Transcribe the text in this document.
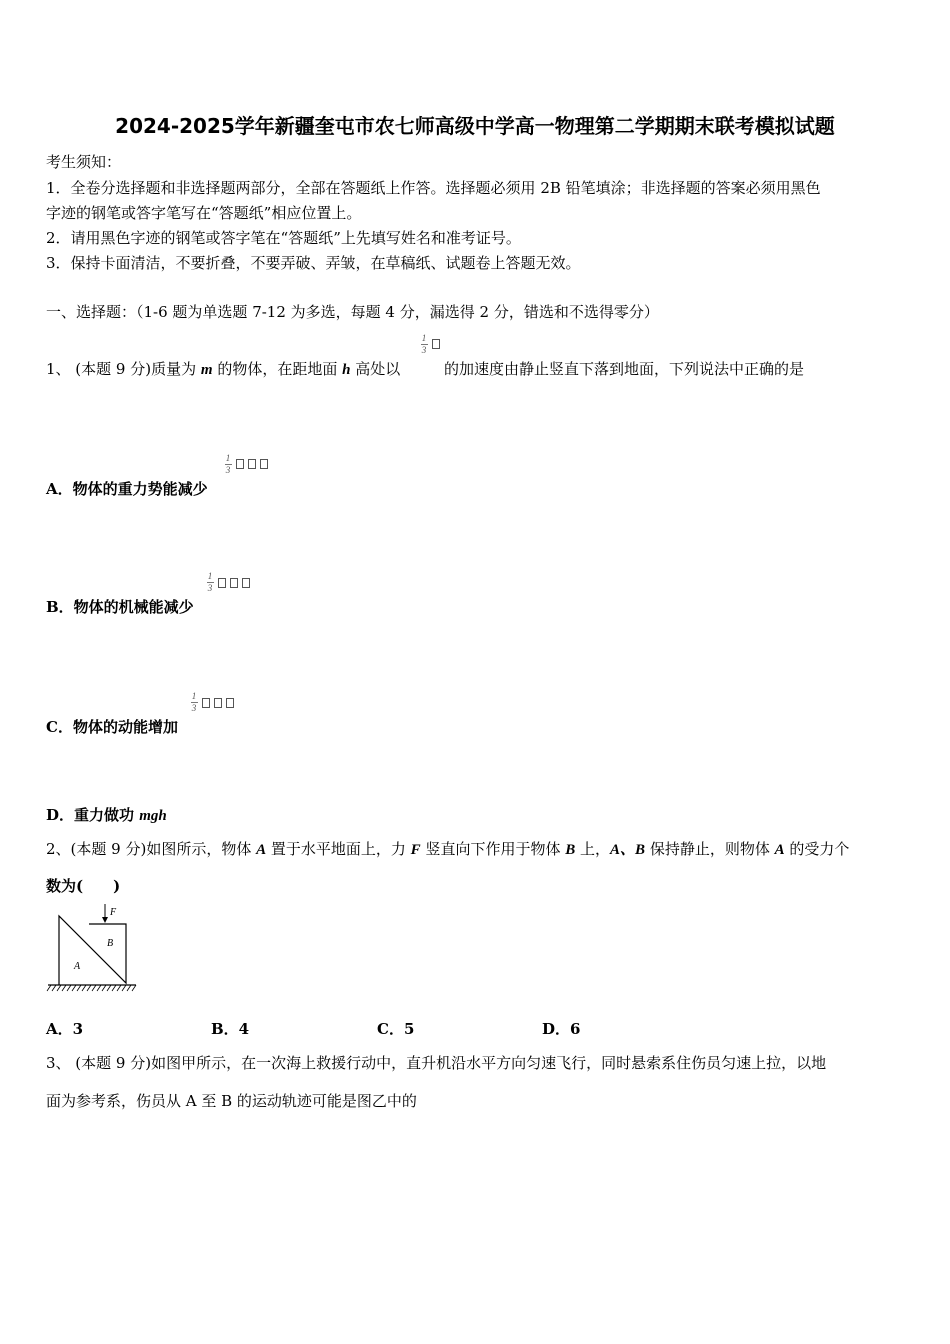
2024-2025学年新疆奎屯市农七师高级中学高一物理第二学期期末联考模拟试题
考生须知：
1．全卷分选择题和非选择题两部分，全部在答题纸上作答。选择题必须用 2B 铅笔填涂；非选择题的答案必须用黑色
字迹的钢笔或答字笔写在“答题纸”相应位置上。
2．请用黑色字迹的钢笔或答字笔在“答题纸”上先填写姓名和准考证号。
3．保持卡面清洁，不要折叠，不要弄破、弄皱，在草稿纸、试题卷上答题无效。
一、选择题：（1-6 题为单选题 7-12 为多选，每题 4 分，漏选得 2 分，错选和不选得零分）
1、 (本题 9 分)质量为 m 的物体，在距地面 h 高处以
1
3
的加速度由静止竖直下落到地面，下列说法中正确的是
A．物体的重力势能减少
1
3
B．物体的机械能减少
1
3
C．物体的动能增加
1
3
D．重力做功 mgh
2、(本题 9 分)如图所示，物体 A 置于水平地面上，力 F 竖直向下作用于物体 B 上，A、B 保持静止，则物体 A 的受力个
数为(　　)
F
B
A
A．3	B．4	C．5	D．6
3、 (本题 9 分)如图甲所示，在一次海上救援行动中，直升机沿水平方向匀速飞行，同时悬索系住伤员匀速上拉，以地
面为参考系，伤员从 A 至 B 的运动轨迹可能是图乙中的
